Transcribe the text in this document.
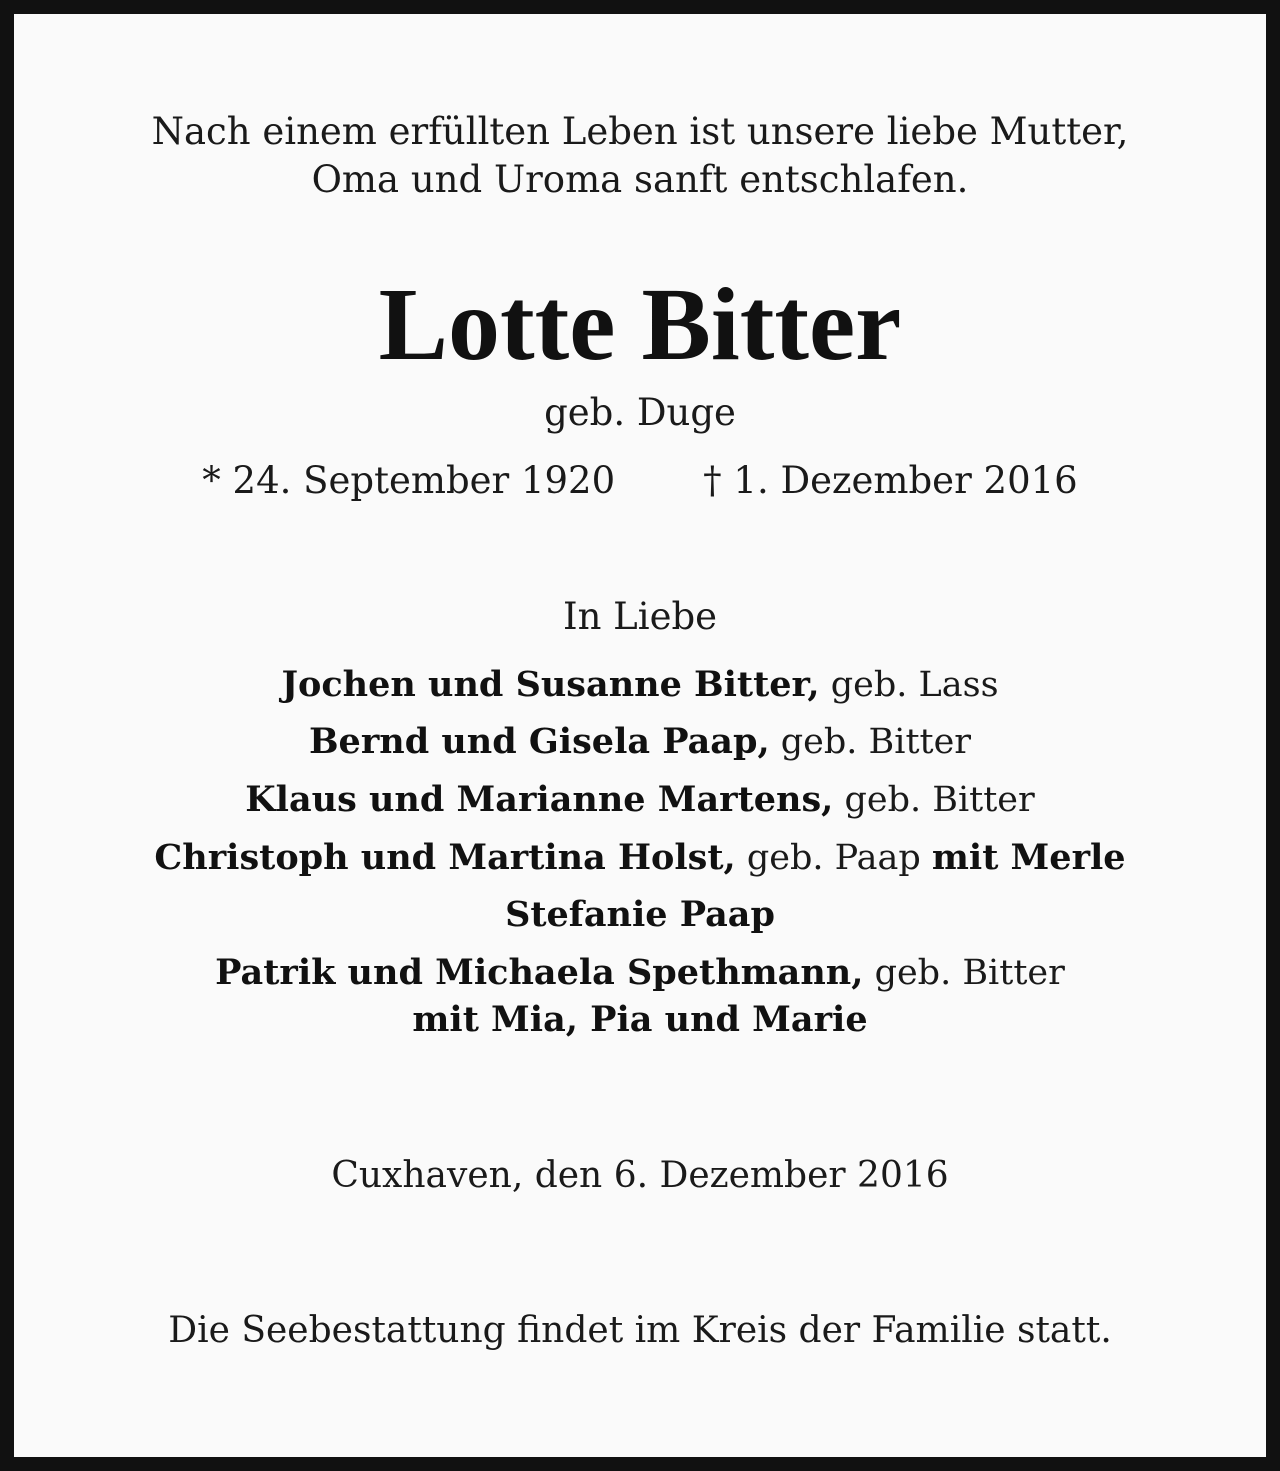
Nach einem erfüllten Leben ist unsere liebe Mutter,
Oma und Uroma sanft entschlafen.
Lotte Bitter
geb. Duge
* 24. September 1920 † 1. Dezember 2016
In Liebe
Jochen und Susanne Bitter, geb. Lass
Bernd und Gisela Paap, geb. Bitter
Klaus und Marianne Martens, geb. Bitter
Christoph und Martina Holst, geb. Paap mit Merle
Stefanie Paap
Patrik und Michaela Spethmann, geb. Bitter
mit Mia, Pia und Marie
Cuxhaven, den 6. Dezember 2016
Die Seebestattung findet im Kreis der Familie statt.
